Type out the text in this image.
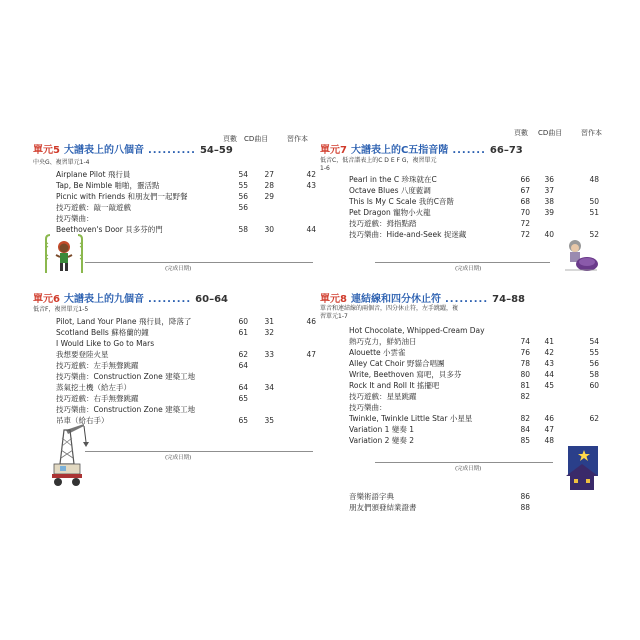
頁數 CD曲目	習作本
頁數 CD曲目	習作本
單元5 大譜表上的八個音 .......... 54–59
中央G、複習單元1-4
Airplane Pilot 飛行員	54	27	42
Tap, Be Nimble 啪啪，靈活點	55	28	43
Picnic with Friends 和朋友們一起野餐	56	29
技巧遊戲：敲一敲遊戲	56
技巧樂曲：
Beethoven's Door 貝多芬的門	58	30	44
(完成日期)
單元6 大譜表上的九個音 ......... 60–64
低音F，複習單元1-5
Pilot, Land Your Plane 飛行員，降落了	60	31	46
Scotland Bells 蘇格蘭的鐘	61	32
I Would Like to Go to Mars
我想要登陸火星	62	33	47
技巧遊戲：左手無聲跳躍	64
技巧樂曲：Construction Zone 建築工地
蒸氣挖土機（給左手）	64	34
技巧遊戲：右手無聲跳躍	65
技巧樂曲：Construction Zone 建築工地
吊車（給右手）	65	35
(完成日期)
單元7 大譜表上的C五指音階 ....... 66–73
低音C，低音譜表上的C D E F G，複習單元1-6
Pearl in the C 珍珠就在C	66	36	48
Octave Blues 八度藍調	67	37
This Is My C Scale 我的C音階	68	38	50
Pet Dragon 寵物小火龍	70	39	51
技巧遊戲：拇指點踏	72
技巧樂曲：Hide-and-Seek 捉迷藏	72	40	52
(完成日期)
單元8 連結線和四分休止符 ......... 74–88
單音和連結線的兩個音，四分休止符，左手跳躍，複習單元1-7
Hot Chocolate, Whipped-Cream Day
熱巧克力，鮮奶油日	74	41	54
Alouette 小雲雀	76	42	55
Alley Cat Choir 野貓合唱團	78	43	56
Write, Beethoven 寫吧，貝多芬	80	44	58
Rock It and Roll It 搖擺吧	81	45	60
技巧遊戲：星星跳躍	82
技巧樂曲：
Twinkle, Twinkle Little Star 小星星	82	46	62
Variation 1 變奏 1	84	47
Variation 2 變奏 2	85	48
(完成日期)
音樂術語字典	86
朋友們頒發結業證書	88
